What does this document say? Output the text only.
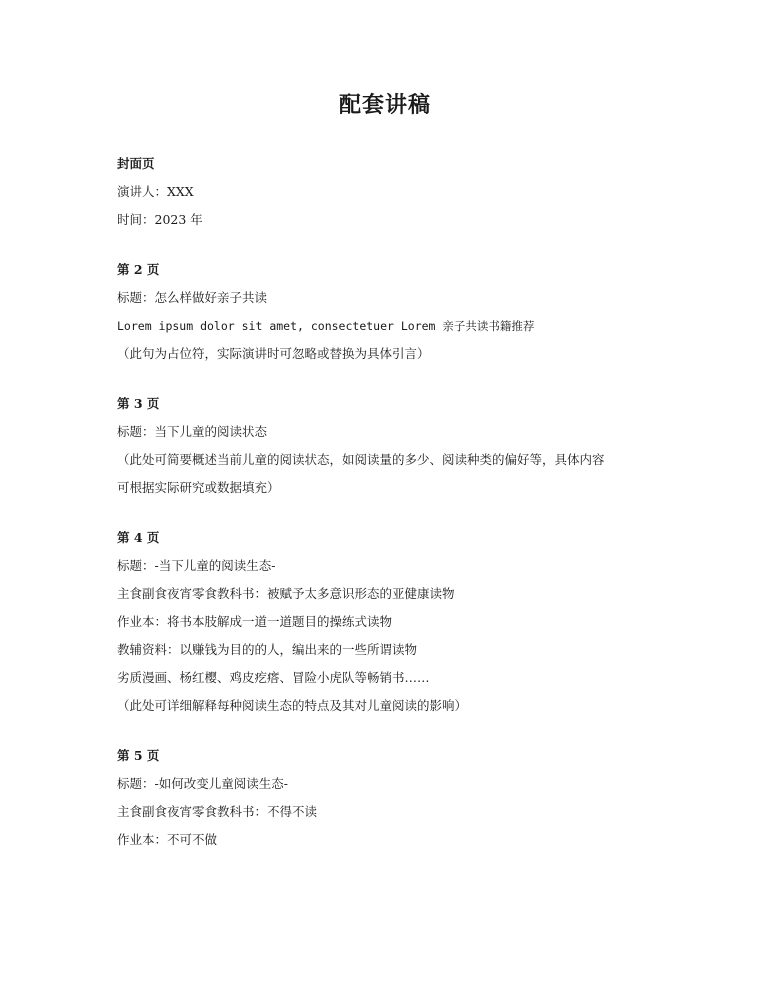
配套讲稿

封面页

演讲人：XXX

时间：2023 年

第 2 页

标题：怎么样做好亲子共读

Lorem ipsum dolor sit amet, consectetuer Lorem 亲子共读书籍推荐

（此句为占位符，实际演讲时可忽略或替换为具体引言）

第 3 页

标题：当下儿童的阅读状态

（此处可简要概述当前儿童的阅读状态，如阅读量的多少、阅读种类的偏好等，具体内容

可根据实际研究或数据填充）

第 4 页

标题：-当下儿童的阅读生态-

主食副食夜宵零食教科书：被赋予太多意识形态的亚健康读物

作业本：将书本肢解成一道一道题目的操练式读物

教辅资料：以赚钱为目的的人，编出来的一些所谓读物

劣质漫画、杨红樱、鸡皮疙瘩、冒险小虎队等畅销书……

（此处可详细解释每种阅读生态的特点及其对儿童阅读的影响）

第 5 页

标题：-如何改变儿童阅读生态-

主食副食夜宵零食教科书：不得不读

作业本：不可不做
